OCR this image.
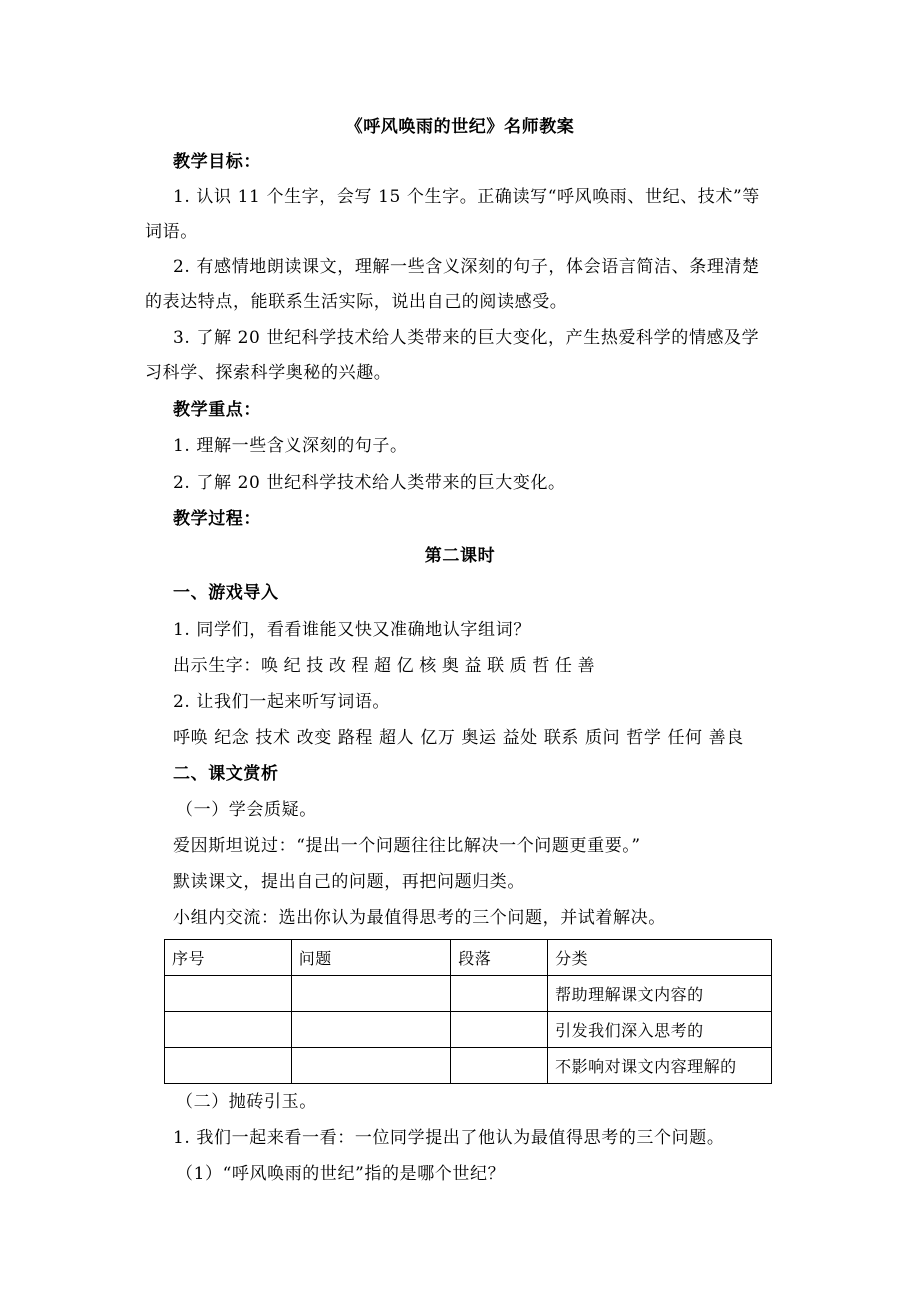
《呼风唤雨的世纪》名师教案
教学目标：
1. 认识 11 个生字，会写 15 个生字。正确读写“呼风唤雨、世纪、技术”等
词语。
2. 有感情地朗读课文，理解一些含义深刻的句子，体会语言简洁、条理清楚
的表达特点，能联系生活实际，说出自己的阅读感受。
3. 了解 20 世纪科学技术给人类带来的巨大变化，产生热爱科学的情感及学
习科学、探索科学奥秘的兴趣。
教学重点：
1. 理解一些含义深刻的句子。
2. 了解 20 世纪科学技术给人类带来的巨大变化。
教学过程：
第二课时
一、游戏导入
1. 同学们，看看谁能又快又准确地认字组词？
出示生字：唤 纪 技 改 程 超 亿 核 奥 益 联 质 哲 任 善
2. 让我们一起来听写词语。
呼唤 纪念 技术 改变 路程 超人 亿万 奥运 益处 联系 质问 哲学 任何 善良
二、课文赏析
（一）学会质疑。
爱因斯坦说过：“提出一个问题往往比解决一个问题更重要。”
默读课文，提出自己的问题，再把问题归类。
小组内交流：选出你认为最值得思考的三个问题，并试着解决。
序号	问题	段落	分类
			帮助理解课文内容的
			引发我们深入思考的
			不影响对课文内容理解的
（二）抛砖引玉。
1. 我们一起来看一看：一位同学提出了他认为最值得思考的三个问题。
（1）“呼风唤雨的世纪”指的是哪个世纪？
